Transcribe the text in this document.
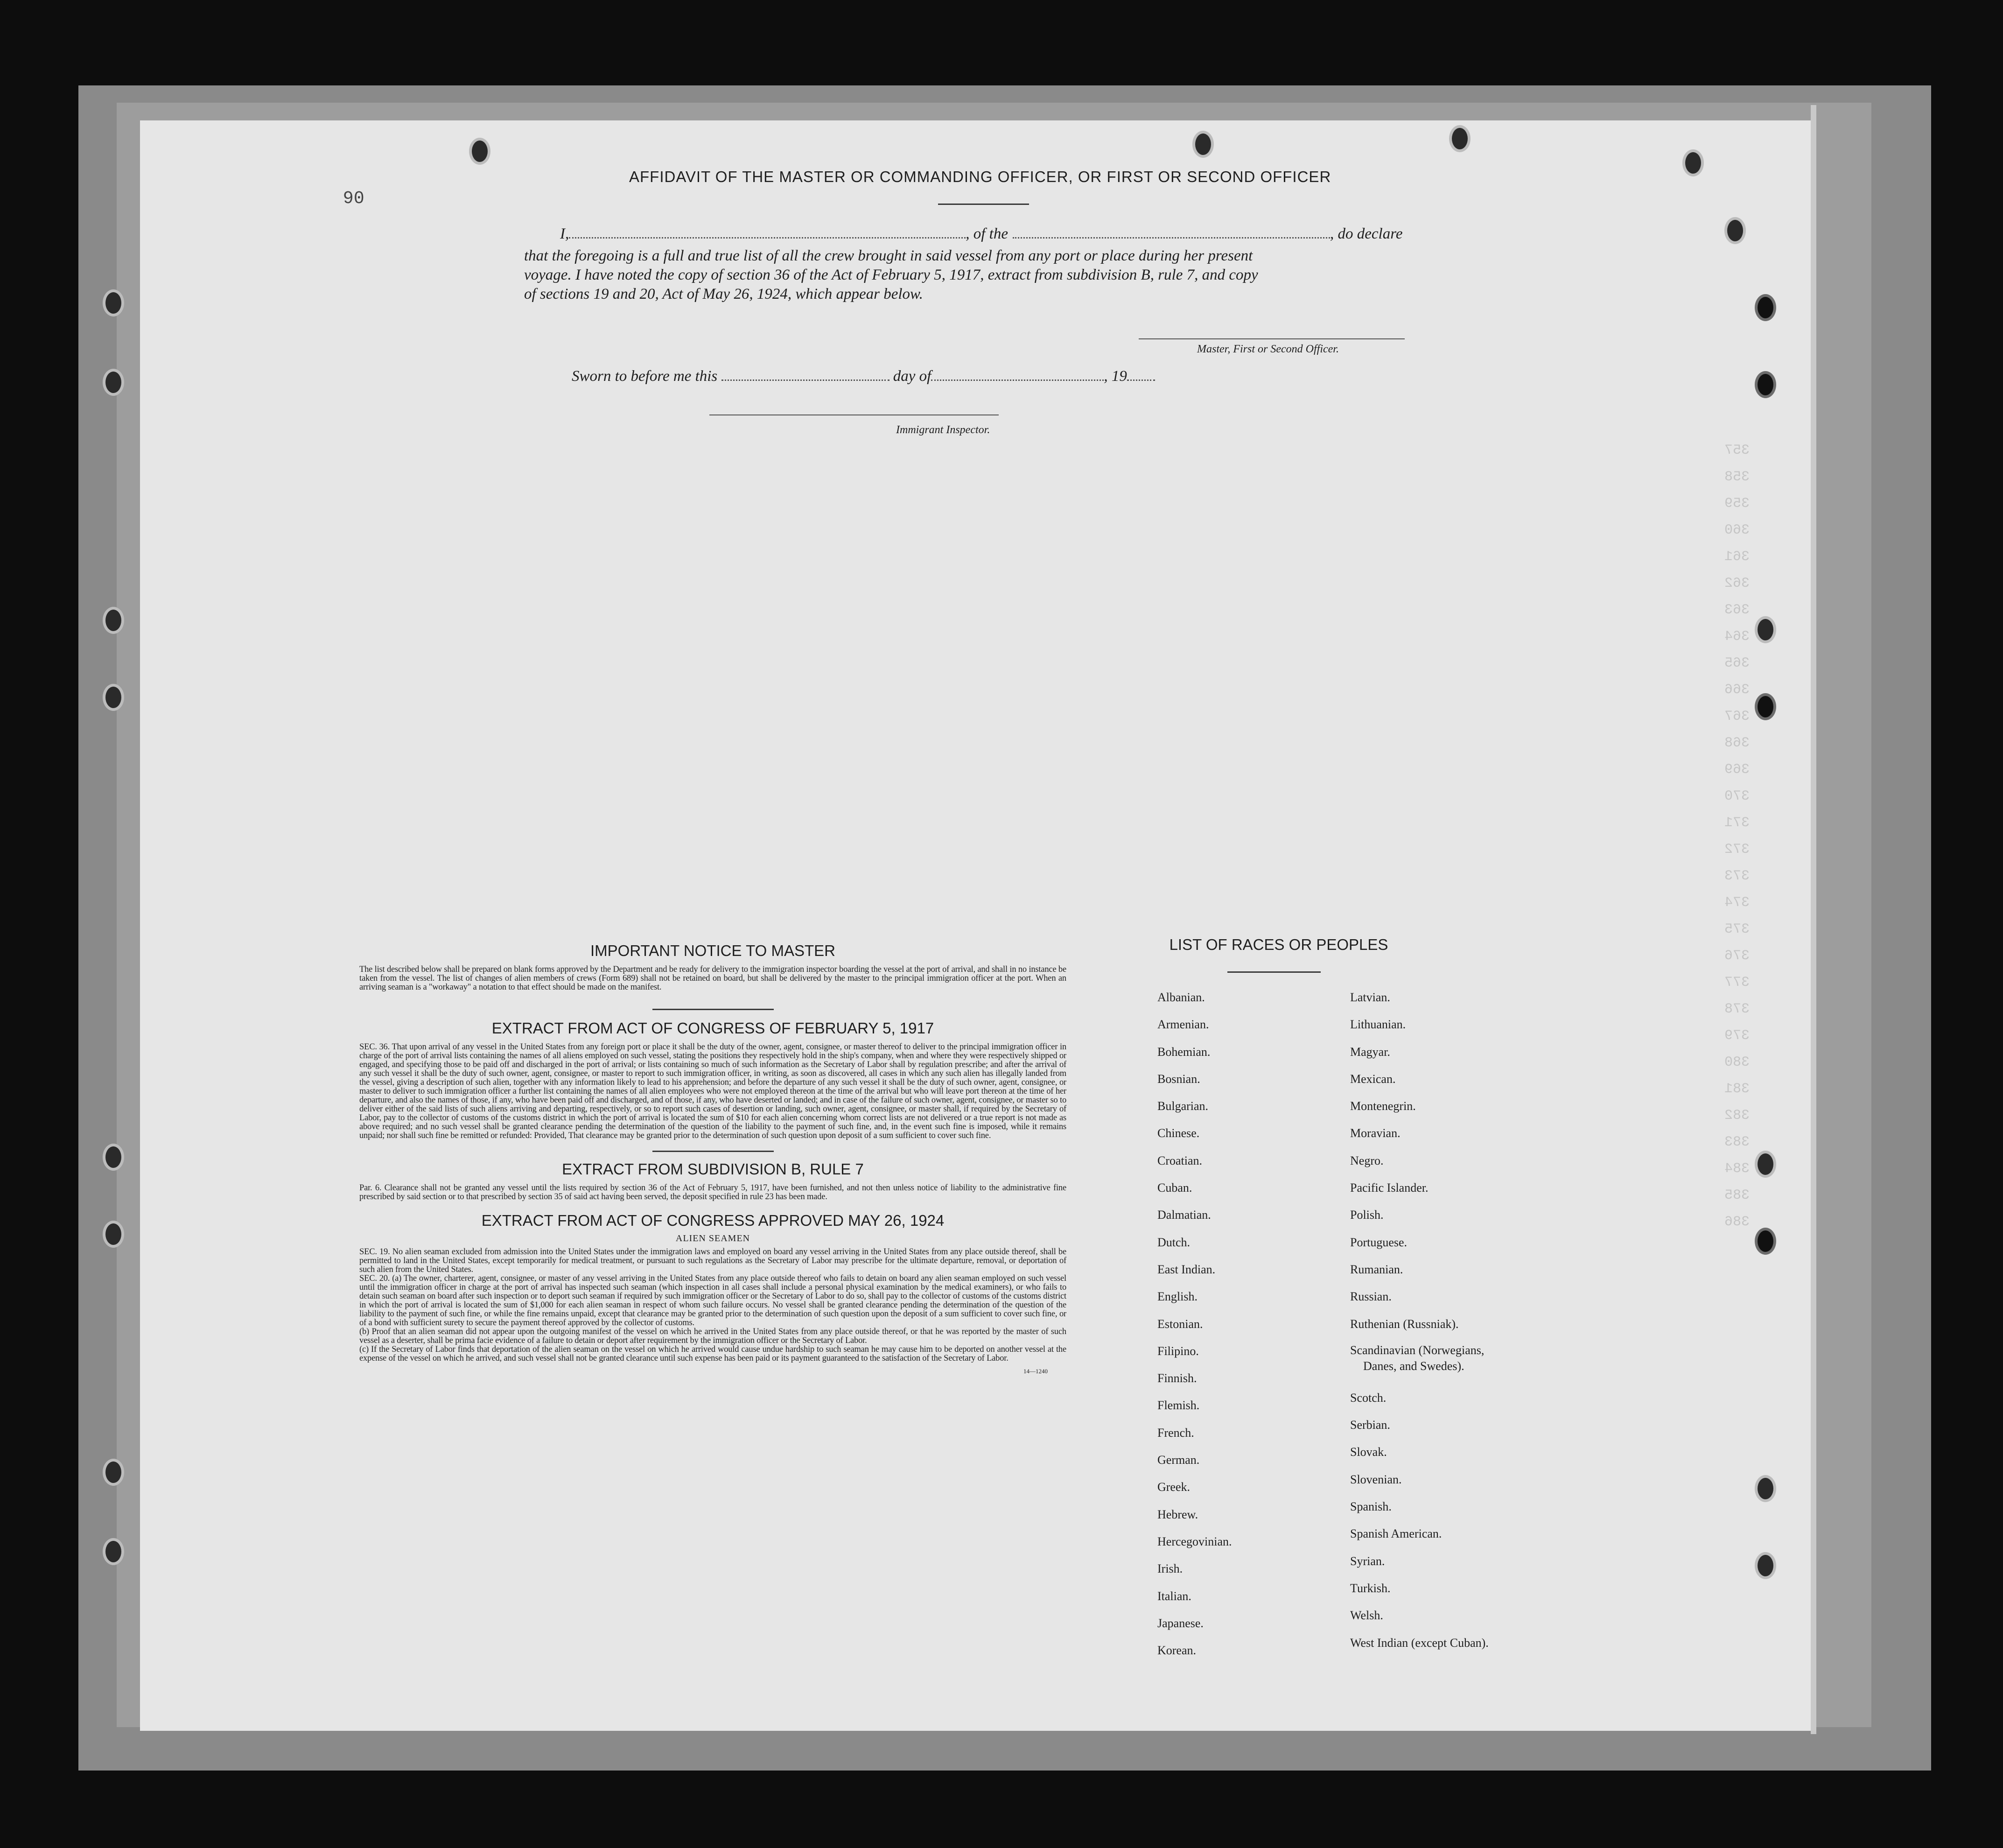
357
358
359
360
361
362
363
364
365
366
367
368
369
370
371
372
373
374
375
376
377
378
379
380
381
382
383
384
385
386
06
AFFIDAVIT OF THE MASTER OR COMMANDING OFFICER, OR FIRST OR SECOND OFFICER
I,	, of the	, do declare
that the foregoing is a full and true list of all the crew brought in said vessel from any port or place during her present
voyage. I have noted the copy of section 36 of the Act of February 5, 1917, extract from subdivision B, rule 7, and copy
of sections 19 and 20, Act of May 26, 1924, which appear below.
Master, First or Second Officer.
Sworn to before me this	day of	, 19
Immigrant Inspector.
IMPORTANT NOTICE TO MASTER
The list described below shall be prepared on blank forms approved by the Department and be ready for delivery to the immigration inspector boarding the vessel at the port of arrival, and shall in no instance be taken from the vessel. The list of changes of alien members of crews (Form 689) shall not be retained on board, but shall be delivered by the master to the principal immigration officer at the port. When an arriving seaman is a "workaway" a notation to that effect should be made on the manifest.
EXTRACT FROM ACT OF CONGRESS OF FEBRUARY 5, 1917
SEC. 36. That upon arrival of any vessel in the United States from any foreign port or place it shall be the duty of the owner, agent, consignee, or master thereof to deliver to the principal immigration officer in charge of the port of arrival lists containing the names of all aliens employed on such vessel, stating the positions they respectively hold in the ship's company, when and where they were respectively shipped or engaged, and specifying those to be paid off and discharged in the port of arrival; or lists containing so much of such information as the Secretary of Labor shall by regulation prescribe; and after the arrival of any such vessel it shall be the duty of such owner, agent, consignee, or master to report to such immigration officer, in writing, as soon as discovered, all cases in which any such alien has illegally landed from the vessel, giving a description of such alien, together with any information likely to lead to his apprehension; and before the departure of any such vessel it shall be the duty of such owner, agent, consignee, or master to deliver to such immigration officer a further list containing the names of all alien employees who were not employed thereon at the time of the arrival but who will leave port thereon at the time of her departure, and also the names of those, if any, who have been paid off and discharged, and of those, if any, who have deserted or landed; and in case of the failure of such owner, agent, consignee, or master so to deliver either of the said lists of such aliens arriving and departing, respectively, or so to report such cases of desertion or landing, such owner, agent, consignee, or master shall, if required by the Secretary of Labor, pay to the collector of customs of the customs district in which the port of arrival is located the sum of $10 for each alien concerning whom correct lists are not delivered or a true report is not made as above required; and no such vessel shall be granted clearance pending the determination of the question of the liability to the payment of such fine, and, in the event such fine is imposed, while it remains unpaid; nor shall such fine be remitted or refunded: Provided, That clearance may be granted prior to the determination of such question upon deposit of a sum sufficient to cover such fine.
EXTRACT FROM SUBDIVISION B, RULE 7
Par. 6. Clearance shall not be granted any vessel until the lists required by section 36 of the Act of February 5, 1917, have been furnished, and not then unless notice of liability to the administrative fine prescribed by said section or to that prescribed by section 35 of said act having been served, the deposit specified in rule 23 has been made.
EXTRACT FROM ACT OF CONGRESS APPROVED MAY 26, 1924
ALIEN SEAMEN
SEC. 19. No alien seaman excluded from admission into the United States under the immigration laws and employed on board any vessel arriving in the United States from any place outside thereof, shall be permitted to land in the United States, except temporarily for medical treatment, or pursuant to such regulations as the Secretary of Labor may prescribe for the ultimate departure, removal, or deportation of such alien from the United States.
SEC. 20. (a) The owner, charterer, agent, consignee, or master of any vessel arriving in the United States from any place outside thereof who fails to detain on board any alien seaman employed on such vessel until the immigration officer in charge at the port of arrival has inspected such seaman (which inspection in all cases shall include a personal physical examination by the medical examiners), or who fails to detain such seaman on board after such inspection or to deport such seaman if required by such immigration officer or the Secretary of Labor to do so, shall pay to the collector of customs of the customs district in which the port of arrival is located the sum of $1,000 for each alien seaman in respect of whom such failure occurs. No vessel shall be granted clearance pending the determination of the question of the liability to the payment of such fine, or while the fine remains unpaid, except that clearance may be granted prior to the determination of such question upon the deposit of a sum sufficient to cover such fine, or of a bond with sufficient surety to secure the payment thereof approved by the collector of customs.
(b) Proof that an alien seaman did not appear upon the outgoing manifest of the vessel on which he arrived in the United States from any place outside thereof, or that he was reported by the master of such vessel as a deserter, shall be prima facie evidence of a failure to detain or deport after requirement by the immigration officer or the Secretary of Labor.
(c) If the Secretary of Labor finds that deportation of the alien seaman on the vessel on which he arrived would cause undue hardship to such seaman he may cause him to be deported on another vessel at the expense of the vessel on which he arrived, and such vessel shall not be granted clearance until such expense has been paid or its payment guaranteed to the satisfaction of the Secretary of Labor.
14—1240
LIST OF RACES OR PEOPLES
Albanian.
Armenian.
Bohemian.
Bosnian.
Bulgarian.
Chinese.
Croatian.
Cuban.
Dalmatian.
Dutch.
East Indian.
English.
Estonian.
Filipino.
Finnish.
Flemish.
French.
German.
Greek.
Hebrew.
Hercegovinian.
Irish.
Italian.
Japanese.
Korean.
Latvian.
Lithuanian.
Magyar.
Mexican.
Montenegrin.
Moravian.
Negro.
Pacific Islander.
Polish.
Portuguese.
Rumanian.
Russian.
Ruthenian (Russniak).
Scandinavian (Norwegians,
Danes, and Swedes).
Scotch.
Serbian.
Slovak.
Slovenian.
Spanish.
Spanish American.
Syrian.
Turkish.
Welsh.
West Indian (except Cuban).
